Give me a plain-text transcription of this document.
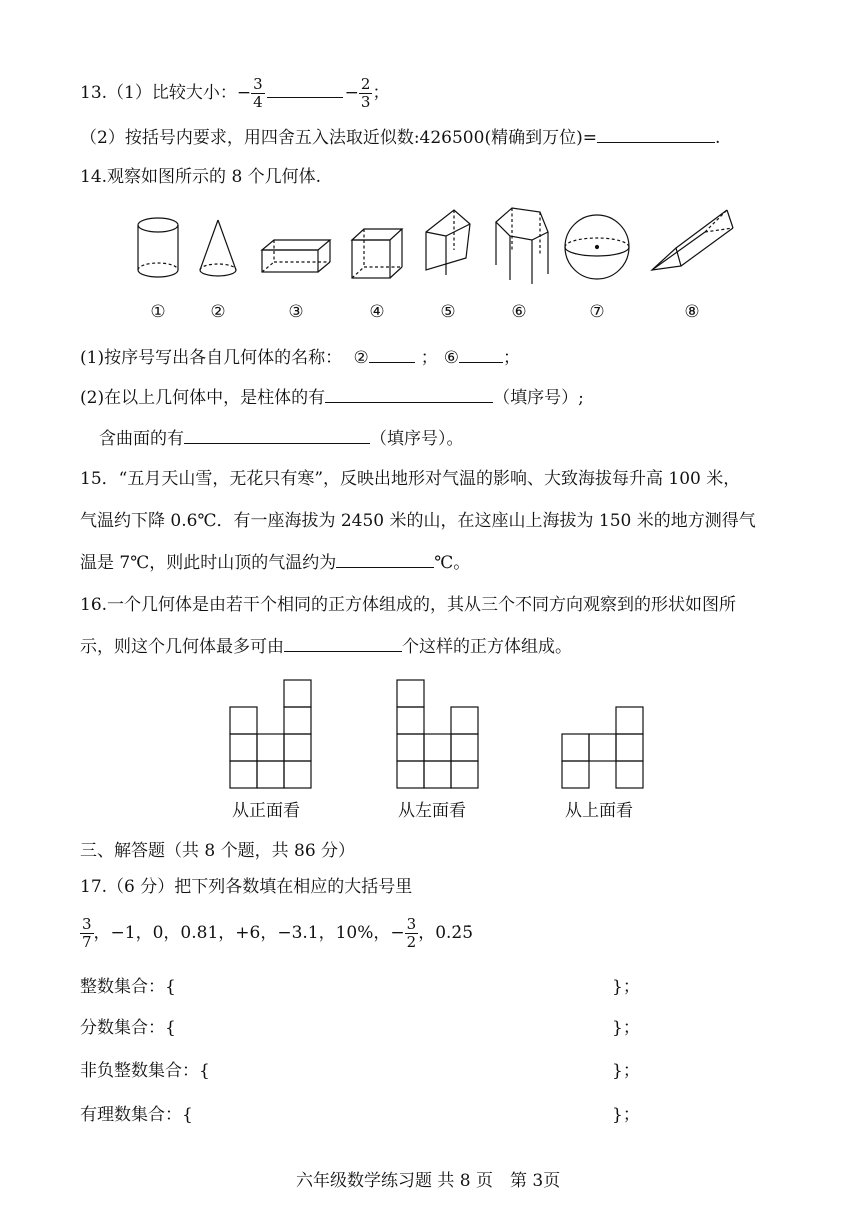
13.（1）比较大小：− $\frac{3}{4}$	− $\frac{2}{3}$ ；
（2）按括号内要求，用四舍五入法取近似数:426500(精确到万位)=	.
14.观察如图所示的 8 个几何体.
①	②	③	④	⑤	⑥	⑦	⑧
(1)按序号写出各自几何体的名称： ②	； ⑥	；
(2)在以上几何体中，是柱体的有	（填序号）;
含曲面的有	（填序号）。
15．“五月天山雪，无花只有寒”，反映出地形对气温的影响、大致海拔每升高 100 米，
气温约下降 0.6℃．有一座海拔为 2450 米的山，在这座山上海拔为 150 米的地方测得气
温是 7℃，则此时山顶的气温约为	℃。
16.一个几何体是由若干个相同的正方体组成的，其从三个不同方向观察到的形状如图所
示，则这个几何体最多可由	个这样的正方体组成。
从正面看	从左面看	从上面看
三、解答题（共 8 个题，共 86 分）
17.（6 分）把下列各数填在相应的大括号里
$\frac{3}{7}$ ，−1，0，0.81，+6，−3.1，10%，− $\frac{3}{2}$ ，0.2̇5̇
整数集合：{	}；
分数集合：{	}；
非负整数集合：{	}；
有理数集合：{	}；
六年级数学练习题 共 8 页　第 3页
